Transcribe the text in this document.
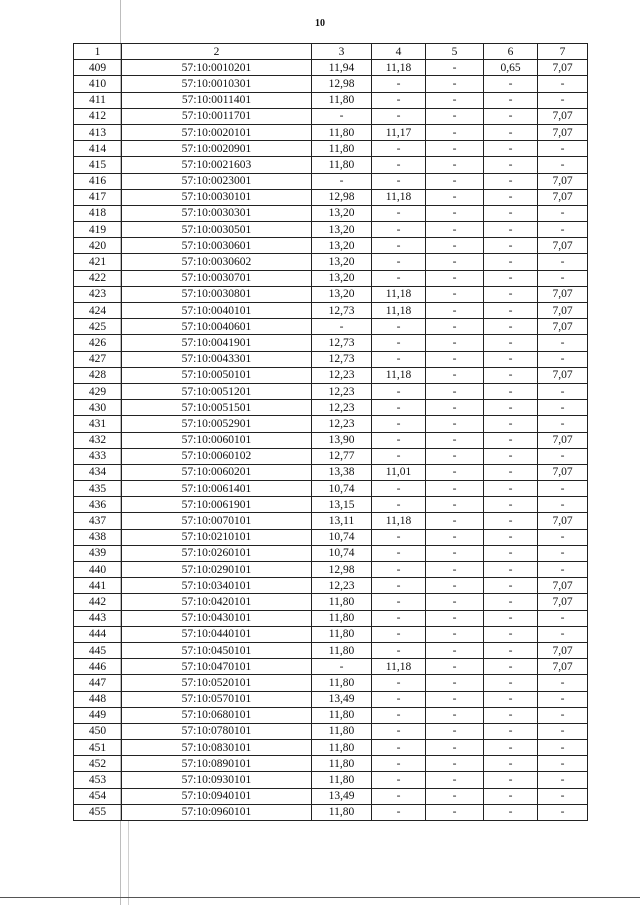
10
1	2	3	4	5	6	7
409	57:10:0010201	11,94	11,18	-	0,65	7,07
410	57:10:0010301	12,98	-	-	-	-
411	57:10:0011401	11,80	-	-	-	-
412	57:10:0011701	-	-	-	-	7,07
413	57:10:0020101	11,80	11,17	-	-	7,07
414	57:10:0020901	11,80	-	-	-	-
415	57:10:0021603	11,80	-	-	-	-
416	57:10:0023001	-	-	-	-	7,07
417	57:10:0030101	12,98	11,18	-	-	7,07
418	57:10:0030301	13,20	-	-	-	-
419	57:10:0030501	13,20	-	-	-	-
420	57:10:0030601	13,20	-	-	-	7,07
421	57:10:0030602	13,20	-	-	-	-
422	57:10:0030701	13,20	-	-	-	-
423	57:10:0030801	13,20	11,18	-	-	7,07
424	57:10:0040101	12,73	11,18	-	-	7,07
425	57:10:0040601	-	-	-	-	7,07
426	57:10:0041901	12,73	-	-	-	-
427	57:10:0043301	12,73	-	-	-	-
428	57:10:0050101	12,23	11,18	-	-	7,07
429	57:10:0051201	12,23	-	-	-	-
430	57:10:0051501	12,23	-	-	-	-
431	57:10:0052901	12,23	-	-	-	-
432	57:10:0060101	13,90	-	-	-	7,07
433	57:10:0060102	12,77	-	-	-	-
434	57:10:0060201	13,38	11,01	-	-	7,07
435	57:10:0061401	10,74	-	-	-	-
436	57:10:0061901	13,15	-	-	-	-
437	57:10:0070101	13,11	11,18	-	-	7,07
438	57:10:0210101	10,74	-	-	-	-
439	57:10:0260101	10,74	-	-	-	-
440	57:10:0290101	12,98	-	-	-	-
441	57:10:0340101	12,23	-	-	-	7,07
442	57:10:0420101	11,80	-	-	-	7,07
443	57:10:0430101	11,80	-	-	-	-
444	57:10:0440101	11,80	-	-	-	-
445	57:10:0450101	11,80	-	-	-	7,07
446	57:10:0470101	-	11,18	-	-	7,07
447	57:10:0520101	11,80	-	-	-	-
448	57:10:0570101	13,49	-	-	-	-
449	57:10:0680101	11,80	-	-	-	-
450	57:10:0780101	11,80	-	-	-	-
451	57:10:0830101	11,80	-	-	-	-
452	57:10:0890101	11,80	-	-	-	-
453	57:10:0930101	11,80	-	-	-	-
454	57:10:0940101	13,49	-	-	-	-
455	57:10:0960101	11,80	-	-	-	-
